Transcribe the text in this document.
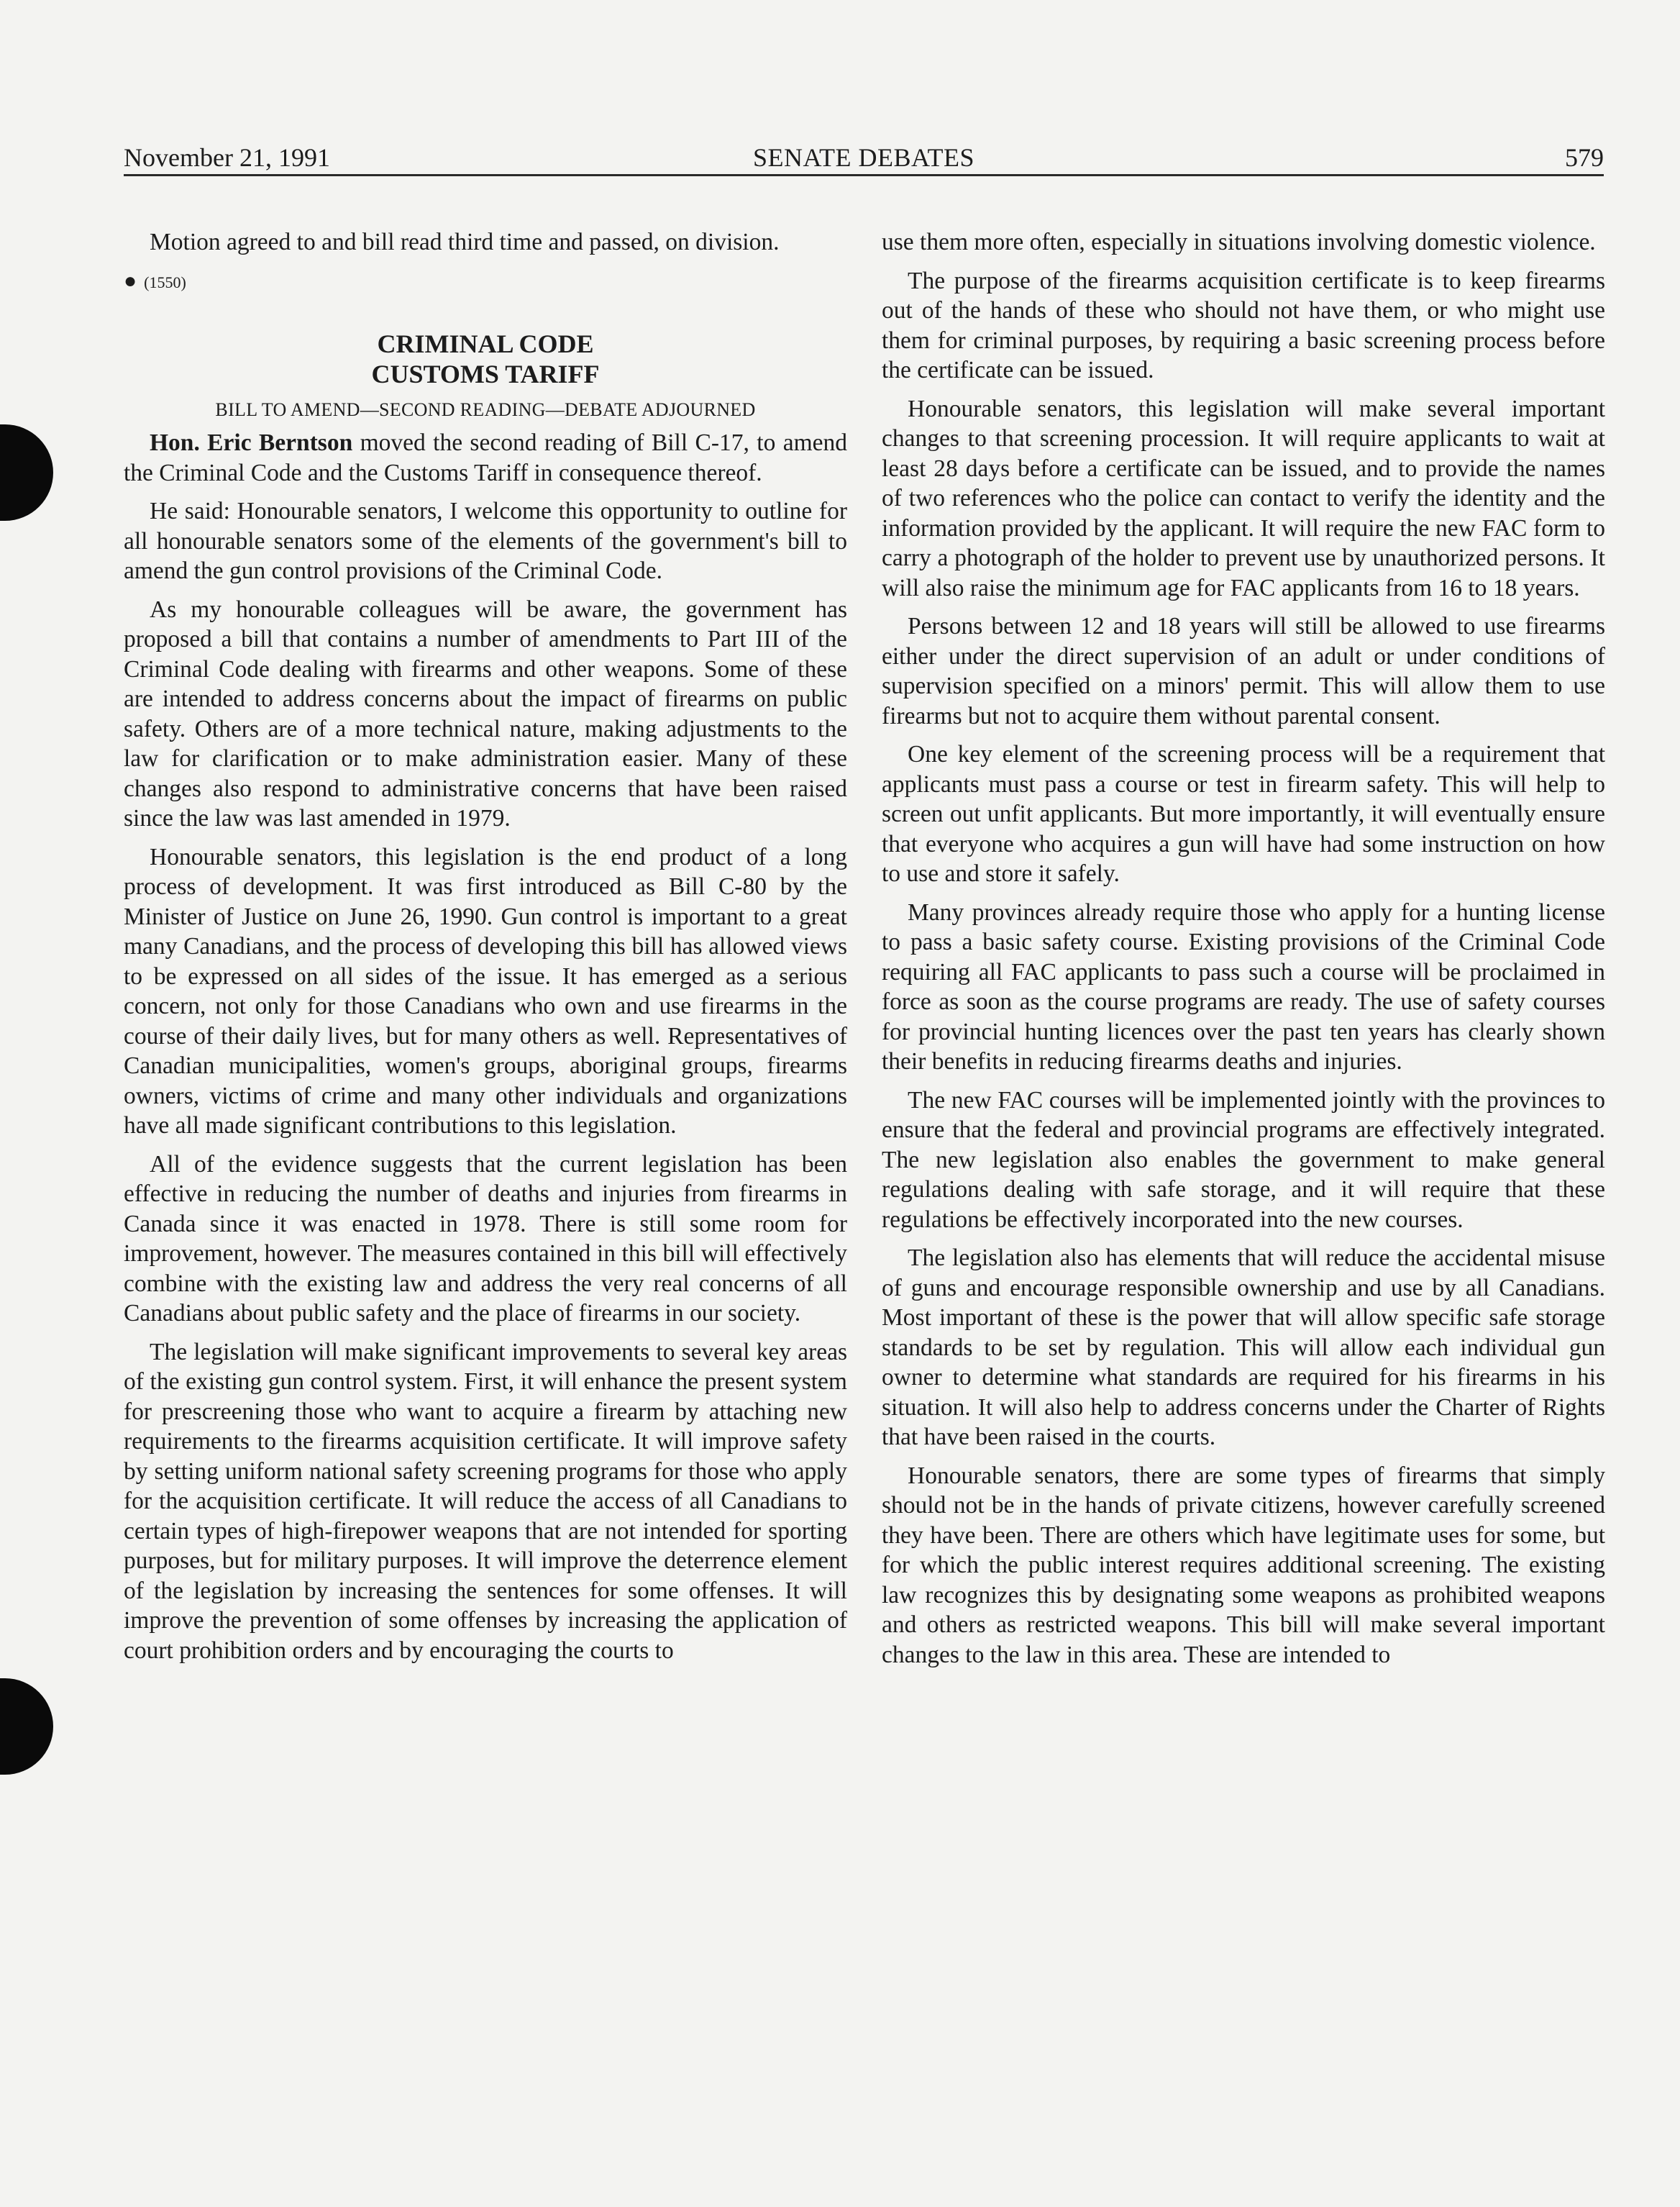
November 21, 1991	SENATE DEBATES	579

Motion agreed to and bill read third time and passed, on division.

● (1550)
CRIMINAL CODE
CUSTOMS TARIFF
BILL TO AMEND—SECOND READING—DEBATE ADJOURNED

Hon. Eric Berntson moved the second reading of Bill C-17, to amend the Criminal Code and the Customs Tariff in consequence thereof.

He said: Honourable senators, I welcome this opportunity to outline for all honourable senators some of the elements of the government's bill to amend the gun control provisions of the Criminal Code.

As my honourable colleagues will be aware, the government has proposed a bill that contains a number of amendments to Part III of the Criminal Code dealing with firearms and other weapons. Some of these are intended to address concerns about the impact of firearms on public safety. Others are of a more technical nature, making adjustments to the law for clarification or to make administration easier. Many of these changes also respond to administrative concerns that have been raised since the law was last amended in 1979.

Honourable senators, this legislation is the end product of a long process of development. It was first introduced as Bill C-80 by the Minister of Justice on June 26, 1990. Gun control is important to a great many Canadians, and the process of developing this bill has allowed views to be expressed on all sides of the issue. It has emerged as a serious concern, not only for those Canadians who own and use firearms in the course of their daily lives, but for many others as well. Representatives of Canadian municipalities, women's groups, aboriginal groups, firearms owners, victims of crime and many other individuals and organizations have all made significant contributions to this legislation.

All of the evidence suggests that the current legislation has been effective in reducing the number of deaths and injuries from firearms in Canada since it was enacted in 1978. There is still some room for improvement, however. The measures contained in this bill will effectively combine with the existing law and address the very real concerns of all Canadians about public safety and the place of firearms in our society.

The legislation will make significant improvements to several key areas of the existing gun control system. First, it will enhance the present system for prescreening those who want to acquire a firearm by attaching new requirements to the firearms acquisition certificate. It will improve safety by setting uniform national safety screening programs for those who apply for the acquisition certificate. It will reduce the access of all Canadians to certain types of high-firepower weapons that are not intended for sporting purposes, but for military purposes. It will improve the deterrence element of the legislation by increasing the sentences for some offenses. It will improve the prevention of some offenses by increasing the application of court prohibition orders and by encouraging the courts to

use them more often, especially in situations involving domestic violence.

The purpose of the firearms acquisition certificate is to keep firearms out of the hands of these who should not have them, or who might use them for criminal purposes, by requiring a basic screening process before the certificate can be issued.

Honourable senators, this legislation will make several important changes to that screening procession. It will require applicants to wait at least 28 days before a certificate can be issued, and to provide the names of two references who the police can contact to verify the identity and the information provided by the applicant. It will require the new FAC form to carry a photograph of the holder to prevent use by unauthorized persons. It will also raise the minimum age for FAC applicants from 16 to 18 years.

Persons between 12 and 18 years will still be allowed to use firearms either under the direct supervision of an adult or under conditions of supervision specified on a minors' permit. This will allow them to use firearms but not to acquire them without parental consent.

One key element of the screening process will be a requirement that applicants must pass a course or test in firearm safety. This will help to screen out unfit applicants. But more importantly, it will eventually ensure that everyone who acquires a gun will have had some instruction on how to use and store it safely.

Many provinces already require those who apply for a hunting license to pass a basic safety course. Existing provisions of the Criminal Code requiring all FAC applicants to pass such a course will be proclaimed in force as soon as the course programs are ready. The use of safety courses for provincial hunting licences over the past ten years has clearly shown their benefits in reducing firearms deaths and injuries.

The new FAC courses will be implemented jointly with the provinces to ensure that the federal and provincial programs are effectively integrated. The new legislation also enables the government to make general regulations dealing with safe storage, and it will require that these regulations be effectively incorporated into the new courses.

The legislation also has elements that will reduce the accidental misuse of guns and encourage responsible ownership and use by all Canadians. Most important of these is the power that will allow specific safe storage standards to be set by regulation. This will allow each individual gun owner to determine what standards are required for his firearms in his situation. It will also help to address concerns under the Charter of Rights that have been raised in the courts.

Honourable senators, there are some types of firearms that simply should not be in the hands of private citizens, however carefully screened they have been. There are others which have legitimate uses for some, but for which the public interest requires additional screening. The existing law recognizes this by designating some weapons as prohibited weapons and others as restricted weapons. This bill will make several important changes to the law in this area. These are intended to
